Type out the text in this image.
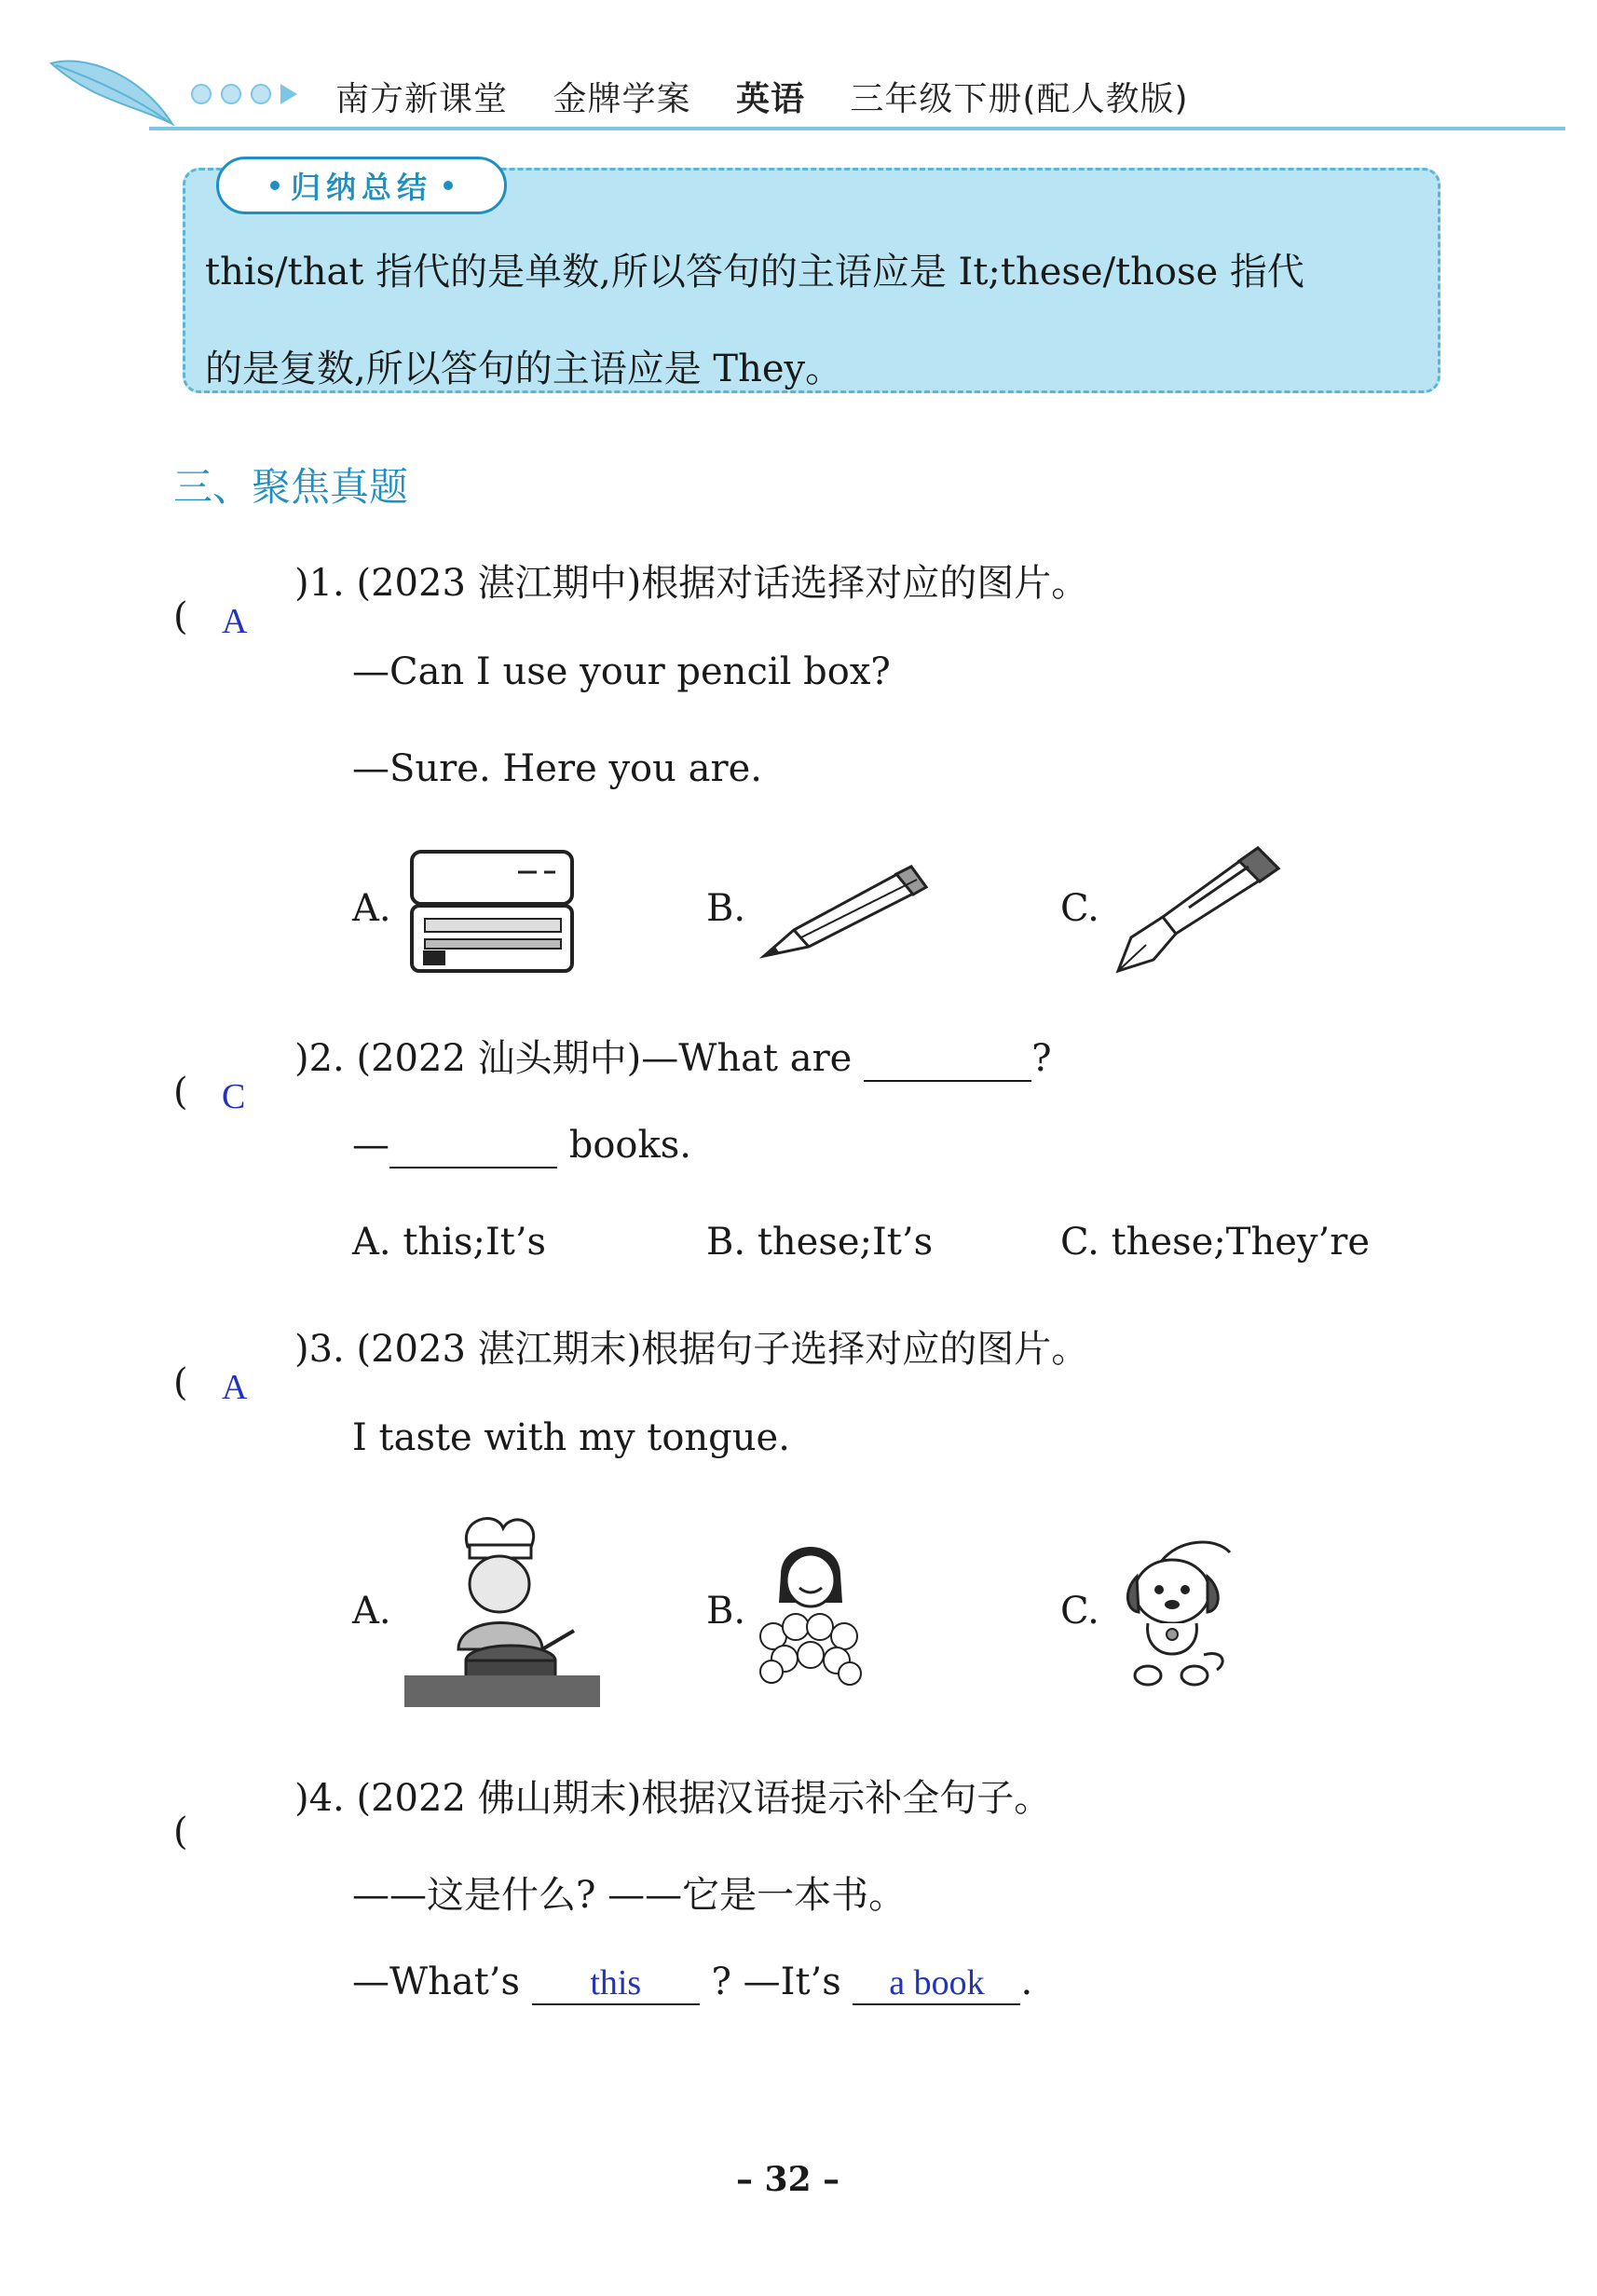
南方新课堂 金牌学案 英语 三年级下册(配人教版)
归纳总结
this/that 指代的是单数,所以答句的主语应是 It;these/those 指代
的是复数,所以答句的主语应是 They。
三、聚焦真题
( A
)1. (2023 湛江期中)根据对话选择对应的图片。
—Can I use your pencil box?
—Sure. Here you are.
A.	B.	C.
( C
)2. (2022 汕头期中)—What are	?
—	books.
A. this;It’s	B. these;It’s	C. these;They’re
( A
)3. (2023 湛江期末)根据句子选择对应的图片。
I taste with my tongue.
A.	B.	C.
(
)4. (2022 佛山期末)根据汉语提示补全句子。
——这是什么? ——它是一本书。
—What’s this ? —It’s a book .
– 32 –
